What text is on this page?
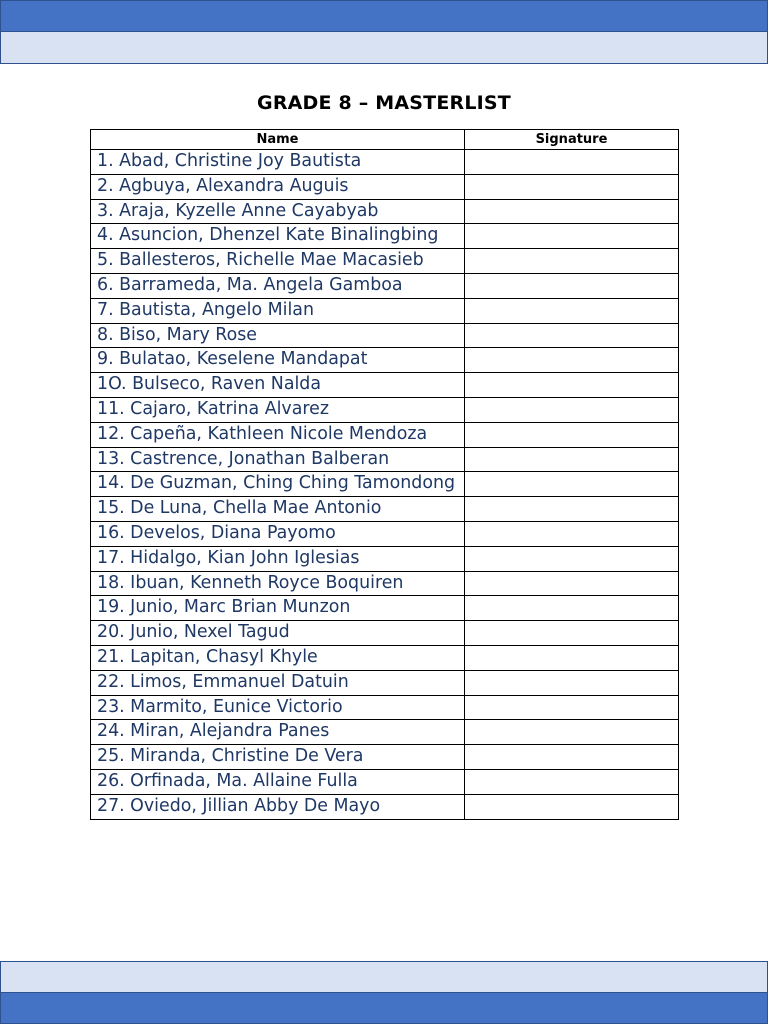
GRADE 8 – MASTERLIST
Name	Signature
1. Abad, Christine Joy Bautista	
2. Agbuya, Alexandra Auguis	
3. Araja, Kyzelle Anne Cayabyab	
4. Asuncion, Dhenzel Kate Binalingbing	
5. Ballesteros, Richelle Mae Macasieb	
6. Barrameda, Ma. Angela Gamboa	
7. Bautista, Angelo Milan	
8. Biso, Mary Rose	
9. Bulatao, Keselene Mandapat	
1O. Bulseco, Raven Nalda	
11. Cajaro, Katrina Alvarez	
12. Capeña, Kathleen Nicole Mendoza	
13. Castrence, Jonathan Balberan	
14. De Guzman, Ching Ching Tamondong	
15. De Luna, Chella Mae Antonio	
16. Develos, Diana Payomo	
17. Hidalgo, Kian John Iglesias	
18. Ibuan, Kenneth Royce Boquiren	
19. Junio, Marc Brian Munzon	
20. Junio, Nexel Tagud	
21. Lapitan, Chasyl Khyle	
22. Limos, Emmanuel Datuin	
23. Marmito, Eunice Victorio	
24. Miran, Alejandra Panes	
25. Miranda, Christine De Vera	
26. Orfinada, Ma. Allaine Fulla	
27. Oviedo, Jillian Abby De Mayo	
